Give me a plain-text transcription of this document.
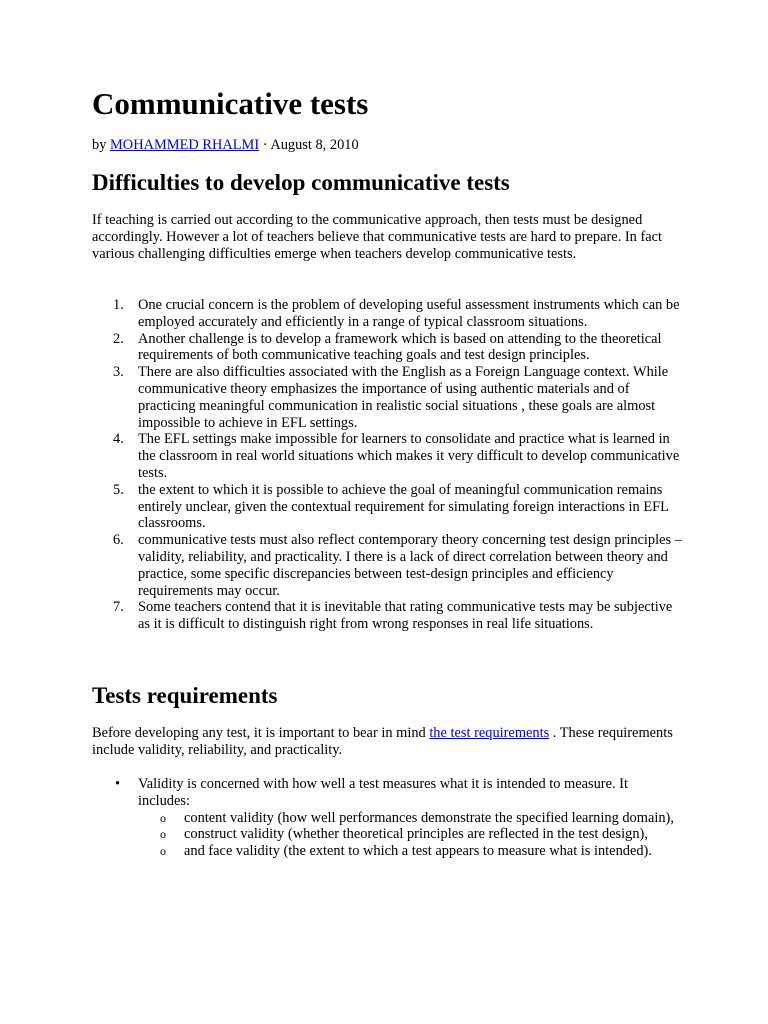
Communicative tests
by MOHAMMED RHALMI · August 8, 2010
Difficulties to develop communicative tests

If teaching is carried out according to the communicative approach, then tests must be designed accordingly. However a lot of teachers believe that communicative tests are hard to prepare. In fact various challenging difficulties emerge when teachers develop communicative tests.

1. One crucial concern is the problem of developing useful assessment instruments which can be employed accurately and efficiently in a range of typical classroom situations.
2. Another challenge is to develop a framework which is based on attending to the theoretical requirements of both communicative teaching goals and test design principles.
3. There are also difficulties associated with the English as a Foreign Language context. While communicative theory emphasizes the importance of using authentic materials and of practicing meaningful communication in realistic social situations , these goals are almost impossible to achieve in EFL settings.
4. The EFL settings make impossible for learners to consolidate and practice what is learned in the classroom in real world situations which makes it very difficult to develop communicative tests.
5. the extent to which it is possible to achieve the goal of meaningful communication remains entirely unclear, given the contextual requirement for simulating foreign interactions in EFL classrooms.
6. communicative tests must also reflect contemporary theory concerning test design principles – validity, reliability, and practicality. I there is a lack of direct correlation between theory and practice, some specific discrepancies between test-design principles and efficiency requirements may occur.
7. Some teachers contend that it is inevitable that rating communicative tests may be subjective as it is difficult to distinguish right from wrong responses in real life situations.
Tests requirements

Before developing any test, it is important to bear in mind the test requirements . These requirements include validity, reliability, and practicality.

• Validity is concerned with how well a test measures what it is intended to measure. It includes:
o content validity (how well performances demonstrate the specified learning domain),
o construct validity (whether theoretical principles are reflected in the test design),
o and face validity (the extent to which a test appears to measure what is intended).
